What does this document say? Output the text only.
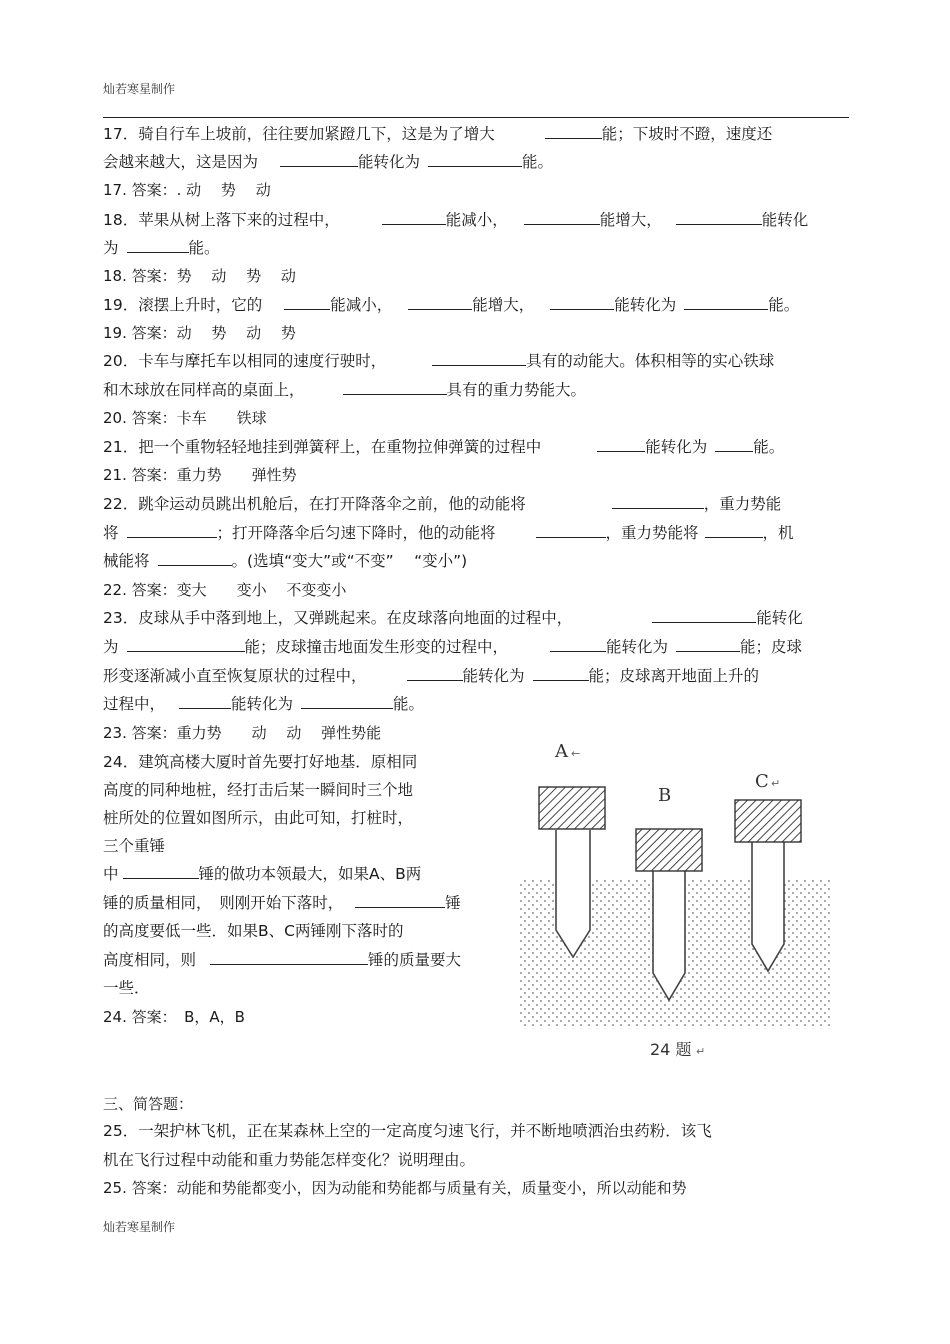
灿若寒星制作
17．骑自行车上坡前，往往要加紧蹬几下，这是为了增大	能；下坡时不蹬，速度还
会越来越大，这是因为	能转化为	能。
17. 答案：. 动　 势　 动
18．苹果从树上落下来的过程中，	能减小，	能增大，	能转化
为	能。
18. 答案：势　 动　 势　 动
19．滚摆上升时，它的	能减小，	能增大，	能转化为	能。
19. 答案：动　 势　 动　 势
20．卡车与摩托车以相同的速度行驶时，	具有的动能大。体积相等的实心铁球
和木球放在同样高的桌面上，	具有的重力势能大。
20. 答案：卡车　　铁球
21．把一个重物轻轻地挂到弹簧秤上，在重物拉伸弹簧的过程中	能转化为	能。
21. 答案：重力势　　弹性势
22．跳伞运动员跳出机舱后，在打开降落伞之前，他的动能将	，重力势能
将	；打开降落伞后匀速下降时，他的动能将	，重力势能将	，机
械能将	。(选填“变大”或“不变”　 “变小”)
22. 答案：变大　　变小　 不变变小
23．皮球从手中落到地上，又弹跳起来。在皮球落向地面的过程中，	能转化
为	能；皮球撞击地面发生形变的过程中，	能转化为	能；皮球
形变逐渐减小直至恢复原状的过程中，	能转化为	能；皮球离开地面上升的
过程中，	能转化为	能。
23. 答案：重力势　　动　 动　 弹性势能
24．建筑高楼大厦时首先要打好地基．原相同
高度的同种地桩，经打击后某一瞬间时三个地
桩所处的位置如图所示，由此可知，打桩时，
三个重锤
中	锤的做功本领最大，如果A、B两
锤的质量相同，　则刚开始下落时，	锤
的高度要低一些．如果B、C两锤刚下落时的
高度相同，则	锤的质量要大
一些．
24. 答案：　B，A，B
A ←
B
C ↵
24 题 ↵
三、简答题：
25．一架护林飞机，正在某森林上空的一定高度匀速飞行，并不断地喷洒治虫药粉．该飞
机在飞行过程中动能和重力势能怎样变化？说明理由。
25. 答案：动能和势能都变小，因为动能和势能都与质量有关，质量变小，所以动能和势
灿若寒星制作
